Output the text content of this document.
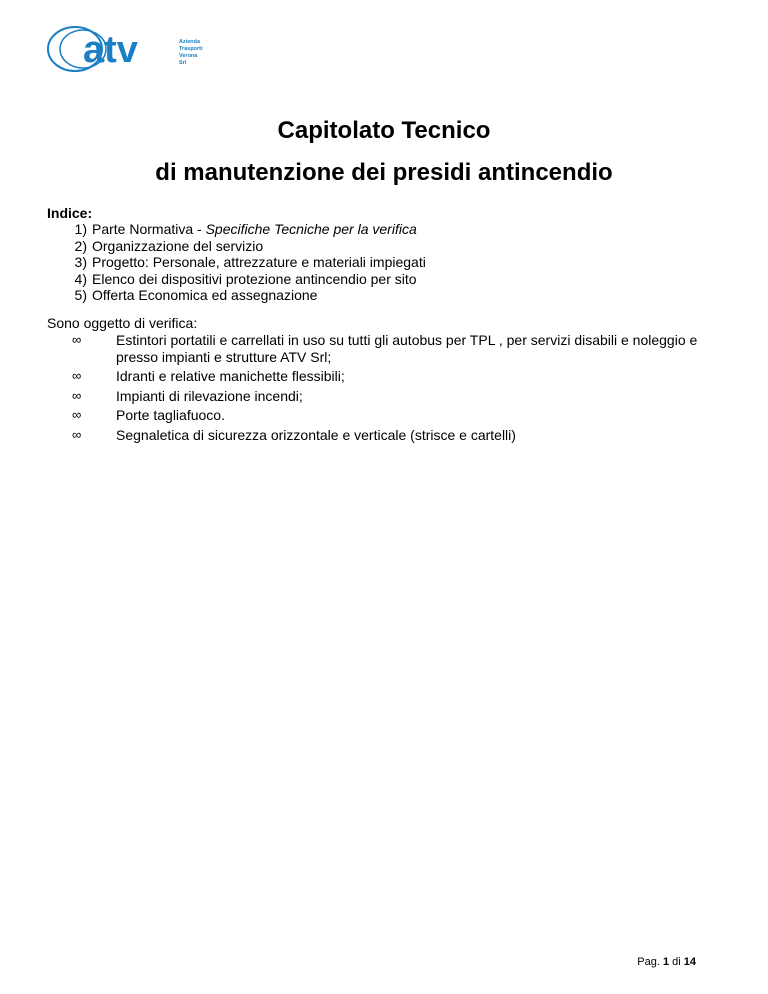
atv	Azienda
Trasporti
Verona Srl
Capitolato Tecnico
di manutenzione dei presidi antincendio
Indice:
1) Parte Normativa - Specifiche Tecniche per la verifica
2) Organizzazione del servizio
3) Progetto: Personale, attrezzature e materiali impiegati
4) Elenco dei dispositivi protezione antincendio per sito
5) Offerta Economica ed assegnazione
Sono oggetto di verifica:
∞	Estintori portatili e carrellati in uso su tutti gli autobus per TPL , per servizi disabili e noleggio e presso impianti e strutture ATV Srl;
∞	Idranti e relative manichette flessibili;
∞	Impianti di rilevazione incendi;
∞	Porte tagliafuoco.
∞	Segnaletica di sicurezza orizzontale e verticale (strisce e cartelli)
Pag. 1 di 14
